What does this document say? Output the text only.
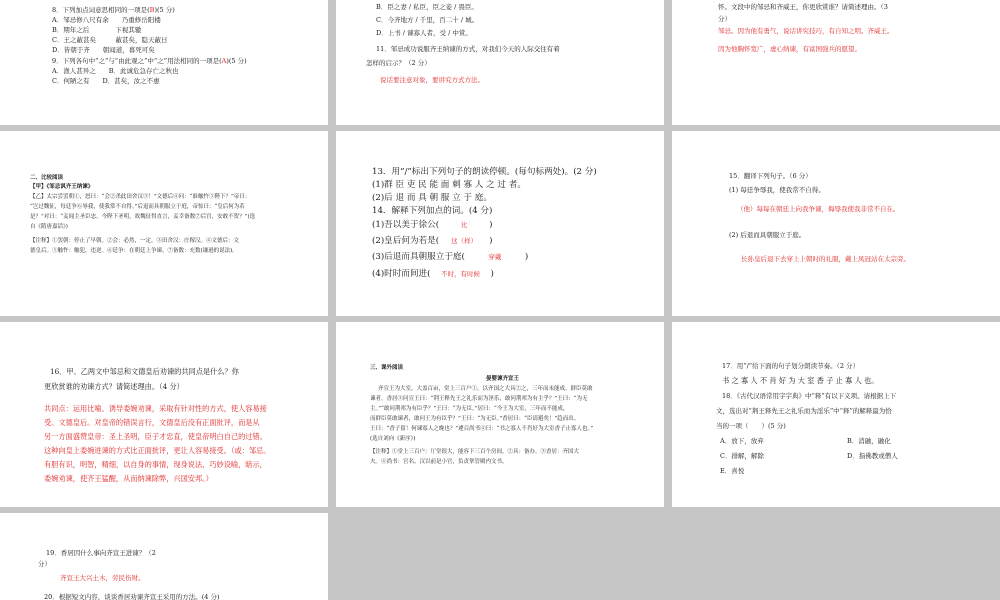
8．下列加点词意思相同的一项是(B)(5 分)
A．邹忌修八尺有余　　乃重修岳阳楼
B．期年之后　　　　下视其辙
C．王之蔽甚矣　　　蔽甚矣，隐天蔽日
D．皆朝于齐　　朝闻道，暮死可矣
9．下列各句中“之”与“由此观之”中“之”用法相同的一项是(A)(5 分)
A．渔人甚异之　　B．此诚危急存亡之秋也
C．何陋之有　　D．甚矣，汝之不惠
B．臣之妻 / 私臣，臣之妾 / 畏臣。
C．今齐地方 / 千里，百二十 / 城。
D．上书 / 谏寡人者，受 / 中赏。
11．邹忌成功说服齐王纳谏的方式，对我们今天的人际交往有着
怎样的启示？（2 分）
说话要注意对象，要讲究方式方法。
怀。文段中的邹忌和齐威王，你更欣赏谁？请简述理由。（3
分）
邹忌。因为他有勇气，说话讲究技巧，有自知之明。齐威王。
因为他胸怀宽广，虚心纳谏，有富国强兵的愿望。
二、比较阅读
【甲】《邹忌讽齐王纳谏》
【乙】太宗尝罢朝①，怒曰：“会②杀此田舍汉③！”文德后④问：“谁触忤⑤陛下？”帝曰：
“岂过魏征，每廷争⑥辱我，使我常不自得。”后退而具朝服立于庭，帝惊曰：“皇后何为若
是？”对曰：“妾闻主圣臣忠。今陛下圣明，故魏征得直言，妾幸备数⑦后宫，安敢不贺？”(选
自《隋唐嘉话》)
【注释】①罢朝：停止了早朝。②会：必然，一定。③田舍汉：庄稼汉。④文德后：文
德皇后。⑤触忤：触犯，违逆。⑥廷争：在朝廷上争谏。⑦备数：充数(谦逊的说法)。
13．用“/”标出下列句子的朗读停顿。(每句标两处)。(2 分)
(1)群 臣 吏 民 能 面 刺 寡 人 之 过 者。
(2)后 退 而 具 朝 服 立 于 庭。
14．解释下列加点的词。(4 分)
(1)吾以美于徐公(	比	)
(2)皇后何为若是( 这（样） )
(3)后退而具朝服立于庭(	穿戴	)
(4)时时而间进( 不时，有时候 )
15．翻译下列句子。（6 分）
(1) 每廷争辱我，使我常不自得。
（他）每每在朝廷上向我争谏，侮辱我使我非常不自在。
(2) 后退而具朝服立于庭。
长孙皇后退下去穿上上朝时的礼服，戴上凤冠站在太宗旁。
16．甲、乙两文中邹忌和文德皇后劝谏的共同点是什么？你
更欣赏谁的劝谏方式？请简述理由。（4 分）
共同点：运用比喻、诱导委婉劝谏，采取有针对性的方式，使人容易接
受。文德皇后。对皇帝的错误言行，文德皇后没有正面批评，而是从
另一方面盛赞皇帝：圣上圣明，臣子才忠直，使皇帝明白自己的过错。
这种向皇上委婉进谏的方式比正面批评，更让人容易接受。（或：邹忌。
有胆有识，明智，精细，以自身的事情，现身说法，巧妙设喻，暗示，
委婉劝谏，使齐王猛醒，从而纳谏除弊，兴国安邦。）
三、课外阅读
晏婴谏齐宣王
齐宣王为大室，大盖百亩，堂上三百户①。以齐国之大具②之，三年而未能成。群臣莫敢
谏者。香居③问宣王曰：“荆王释先王之礼乐而为淫乐，敢问荆邦为有主乎？”王曰：“为无
主。”“敢问荆邦为有臣乎？”王曰：“为无臣。”居曰：“今王为大室，三年而不能成，
而群臣莫敢谏者，敢问王为有臣乎？”王曰：“为无臣。”香居曰：“臣请避矣！”趋而出。
王曰：“香子留！何谏寡人之晚也？”遽召尚书④曰：“书之寡人不肖好为大室香子止寡人也。”
(选自刘向《新序》)
【注释】①堂上三百户：厅堂很大，能容下三百个房间。②具：备办。③香居：齐国大
夫。④尚书：官名。汉以前是小官，负责掌管殿内文书。
17．用“/”给下面的句子划分朗读节奏。（2 分）
书 之 寡 人 不 肖 好 为 大 室 香 子 止 寡 人 也。
18．《古代汉语常用字字典》中“释”有以下义项。请根据上下
文，选出对“荆王释先王之礼乐而为淫乐”中“释”的解释最为恰
当的一项（　　）(5 分)
A．放下，放弃	B．消融，融化
C．排解，解除	D．指佛教或僧人
E．喜悦
19．香居因什么事向齐宣王进谏？（2
分）
齐宣王大兴土木，劳民伤财。
20．根据短文内容，谈谈香居劝谏齐宣王采用的方法。(4 分)
